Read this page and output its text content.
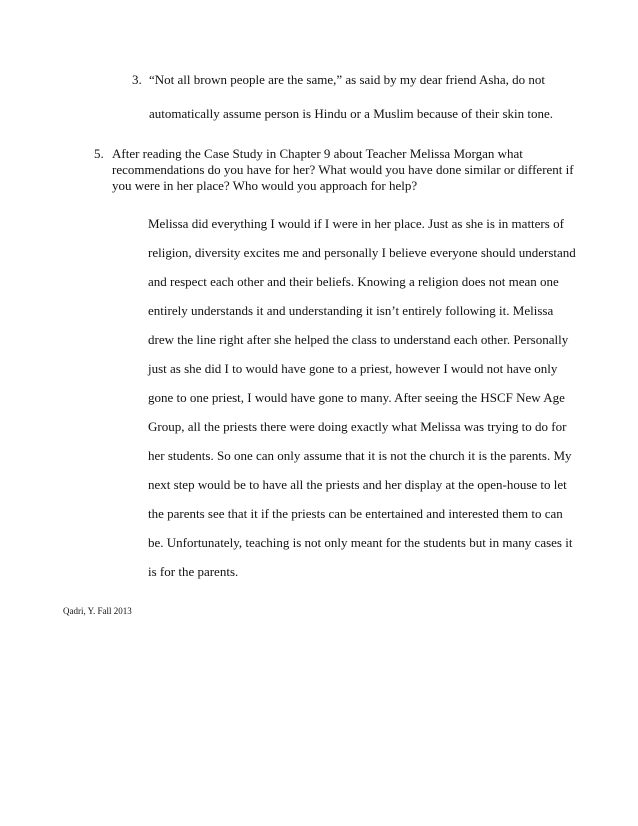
3. “Not all brown people are the same,” as said by my dear friend Asha, do not
automatically assume person is Hindu or a Muslim because of their skin tone.
5. After reading the Case Study in Chapter 9 about Teacher Melissa Morgan what
recommendations do you have for her? What would you have done similar or different if
you were in her place? Who would you approach for help?
Melissa did everything I would if I were in her place. Just as she is in matters of
religion, diversity excites me and personally I believe everyone should understand
and respect each other and their beliefs. Knowing a religion does not mean one
entirely understands it and understanding it isn’t entirely following it. Melissa
drew the line right after she helped the class to understand each other. Personally
just as she did I to would have gone to a priest, however I would not have only
gone to one priest, I would have gone to many. After seeing the HSCF New Age
Group, all the priests there were doing exactly what Melissa was trying to do for
her students. So one can only assume that it is not the church it is the parents. My
next step would be to have all the priests and her display at the open-house to let
the parents see that it if the priests can be entertained and interested them to can
be. Unfortunately, teaching is not only meant for the students but in many cases it
is for the parents.
Qadri, Y. Fall 2013
